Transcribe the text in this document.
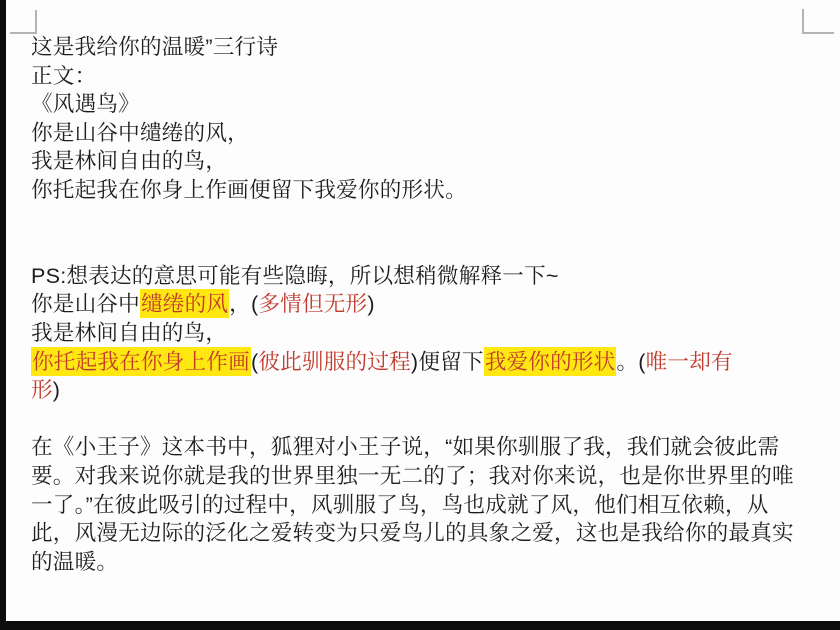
这是我给你的温暖”三行诗
正文：
《风遇鸟》
你是山谷中缱绻的风，
我是林间自由的鸟，
你托起我在你身上作画便留下我爱你的形状。
PS:想表达的意思可能有些隐晦，所以想稍微解释一下~
你是山谷中缱绻的风，(多情但无形)
我是林间自由的鸟，
你托起我在你身上作画(彼此驯服的过程)便留下我爱你的形状。(唯一却有
形)
在《小王子》这本书中，狐狸对小王子说，“如果你驯服了我，我们就会彼此需
要。对我来说你就是我的世界里独一无二的了；我对你来说，也是你世界里的唯
一了。”在彼此吸引的过程中，风驯服了鸟，鸟也成就了风，他们相互依赖，从
此，风漫无边际的泛化之爱转变为只爱鸟儿的具象之爱，这也是我给你的最真实
的温暖。
